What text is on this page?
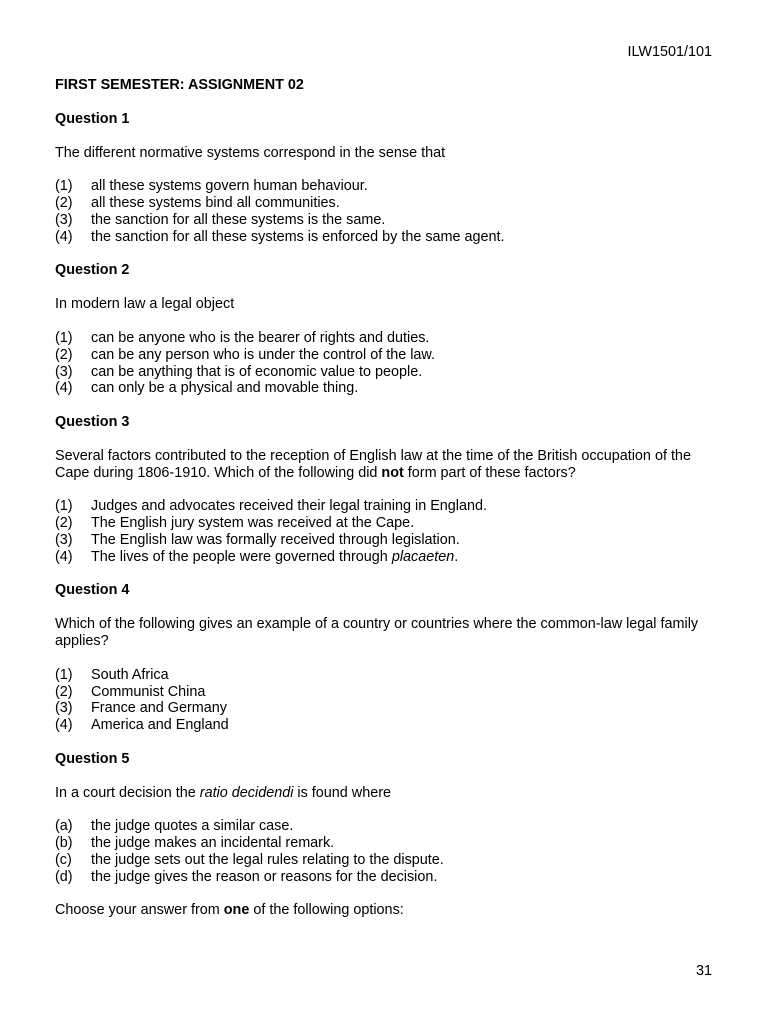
ILW1501/101
FIRST SEMESTER: ASSIGNMENT 02
Question 1
The different normative systems correspond in the sense that
(1)	all these systems govern human behaviour.
(2)	all these systems bind all communities.
(3)	the sanction for all these systems is the same.
(4)	the sanction for all these systems is enforced by the same agent.
Question 2
In modern law a legal object
(1)	can be anyone who is the bearer of rights and duties.
(2)	can be any person who is under the control of the law.
(3)	can be anything that is of economic value to people.
(4)	can only be a physical and movable thing.
Question 3
Several factors contributed to the reception of English law at the time of the British occupation of the Cape during 1806-1910. Which of the following did not form part of these factors?
(1)	Judges and advocates received their legal training in England.
(2)	The English jury system was received at the Cape.
(3)	The English law was formally received through legislation.
(4)	The lives of the people were governed through placaeten.
Question 4
Which of the following gives an example of a country or countries where the common-law legal family applies?
(1)	South Africa
(2)	Communist China
(3)	France and Germany
(4)	America and England
Question 5
In a court decision the ratio decidendi is found where
(a)	the judge quotes a similar case.
(b)	the judge makes an incidental remark.
(c)	the judge sets out the legal rules relating to the dispute.
(d)	the judge gives the reason or reasons for the decision.
Choose your answer from one of the following options:
31
